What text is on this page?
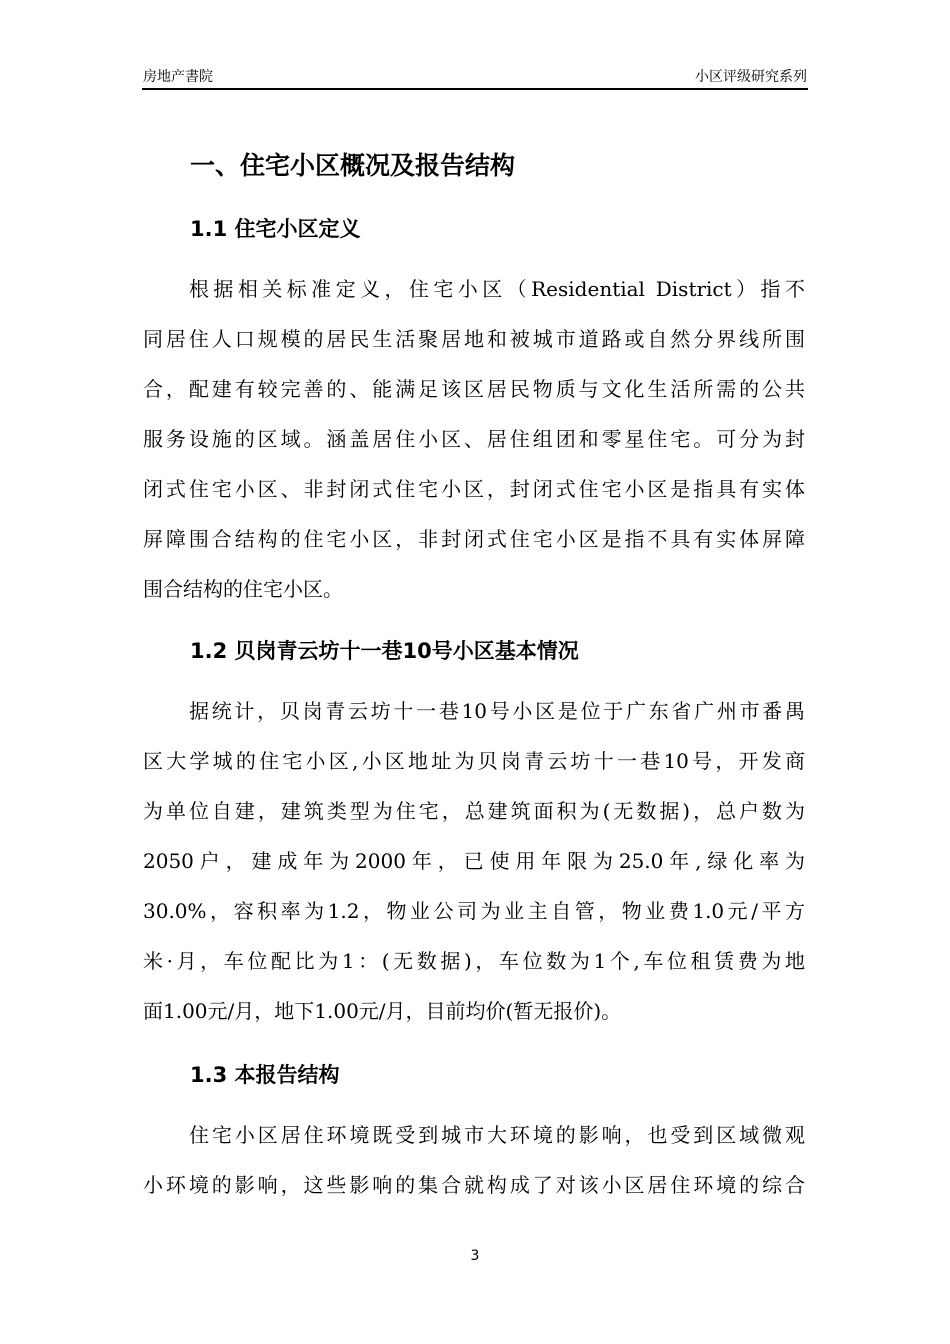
房地产書院	小区评级研究系列
一、住宅小区概况及报告结构
1.1 住宅小区定义
根据相关标准定义，住宅小区（Residential District）指不
同居住人口规模的居民生活聚居地和被城市道路或自然分界线所围
合，配建有较完善的、能满足该区居民物质与文化生活所需的公共
服务设施的区域。涵盖居住小区、居住组团和零星住宅。可分为封
闭式住宅小区、非封闭式住宅小区，封闭式住宅小区是指具有实体
屏障围合结构的住宅小区，非封闭式住宅小区是指不具有实体屏障
围合结构的住宅小区。
1.2 贝岗青云坊十一巷10号小区基本情况
据统计，贝岗青云坊十一巷10号小区是位于广东省广州市番禺
区大学城的住宅小区,小区地址为贝岗青云坊十一巷10号，开发商
为单位自建，建筑类型为住宅，总建筑面积为(无数据)，总户数为
2050户，建成年为2000年，已使用年限为25.0年,绿化率为
30.0%，容积率为1.2，物业公司为业主自管，物业费1.0元/平方
米·月，车位配比为1：(无数据)，车位数为1个,车位租赁费为地
面1.00元/月，地下1.00元/月，目前均价(暂无报价)。
1.3 本报告结构
住宅小区居住环境既受到城市大环境的影响，也受到区域微观
小环境的影响，这些影响的集合就构成了对该小区居住环境的综合
3
